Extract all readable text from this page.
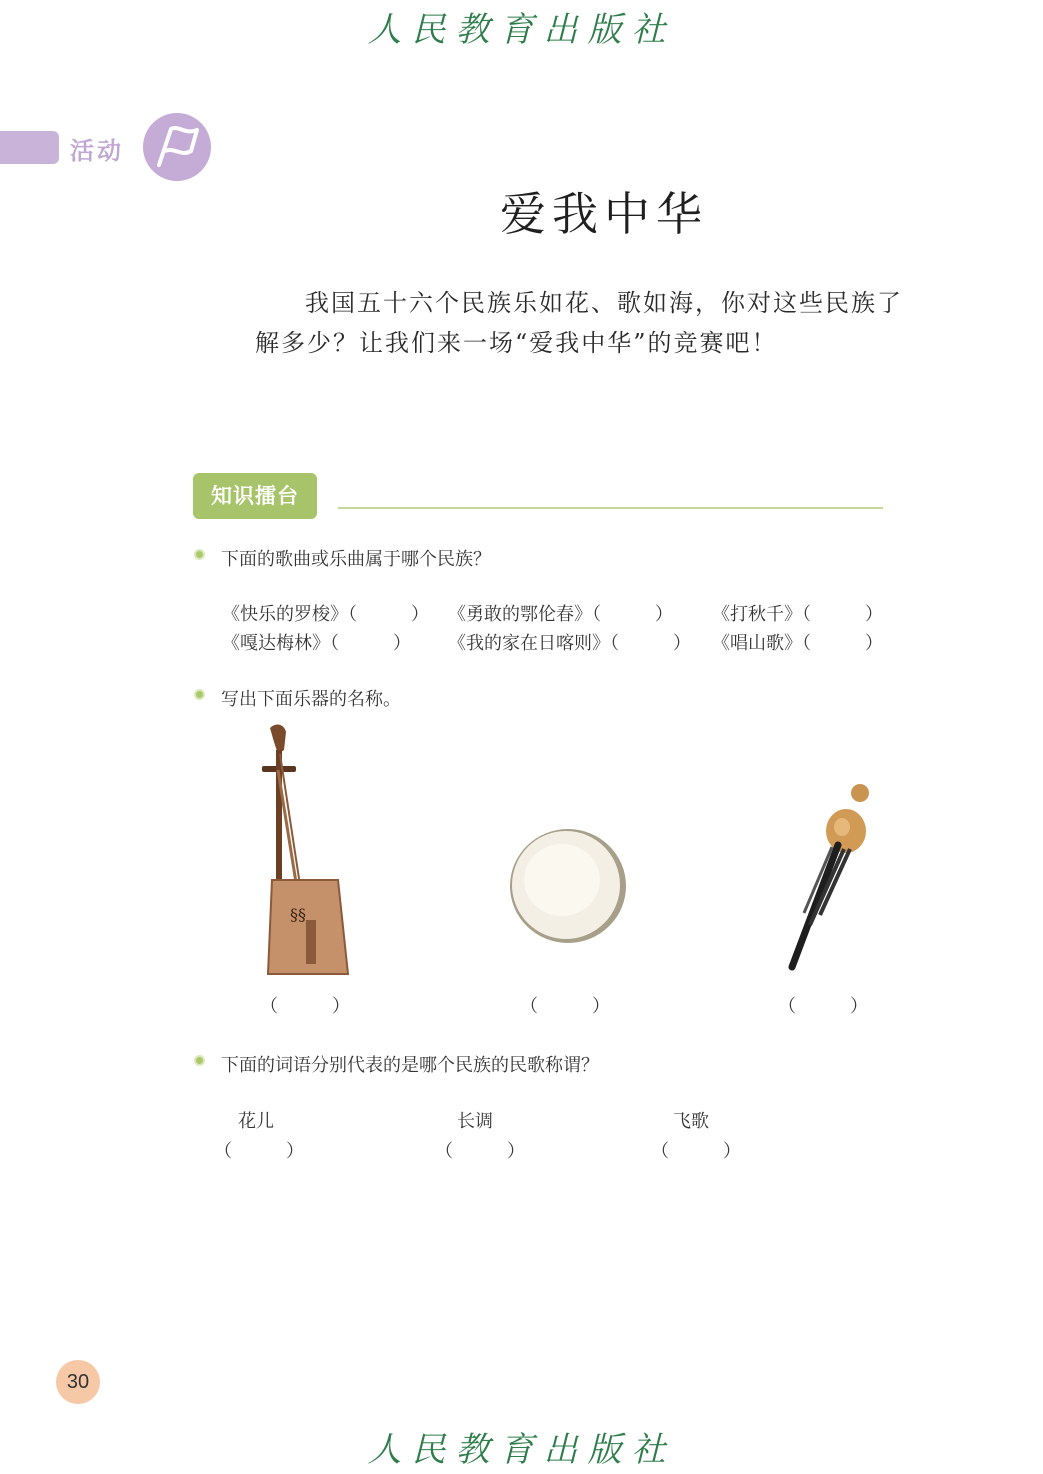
人民教育出版社
活动
爱我中华
我国五十六个民族乐如花、歌如海，你对这些民族了解多少？让我们来一场“爱我中华”的竞赛吧！
知识擂台
下面的歌曲或乐曲属于哪个民族？
《快乐的罗梭》（　　　） 《勇敢的鄂伦春》（　　　） 《打秋千》（　　　）
《嘎达梅林》（　　　） 《我的家在日喀则》（　　　） 《唱山歌》（　　　）
写出下面乐器的名称。
§§
（　　　）	（　　　）	（　　　）
下面的词语分别代表的是哪个民族的民歌称谓？
花儿	长调	飞歌
（　　　）	（　　　）	（　　　）
30
人民教育出版社
